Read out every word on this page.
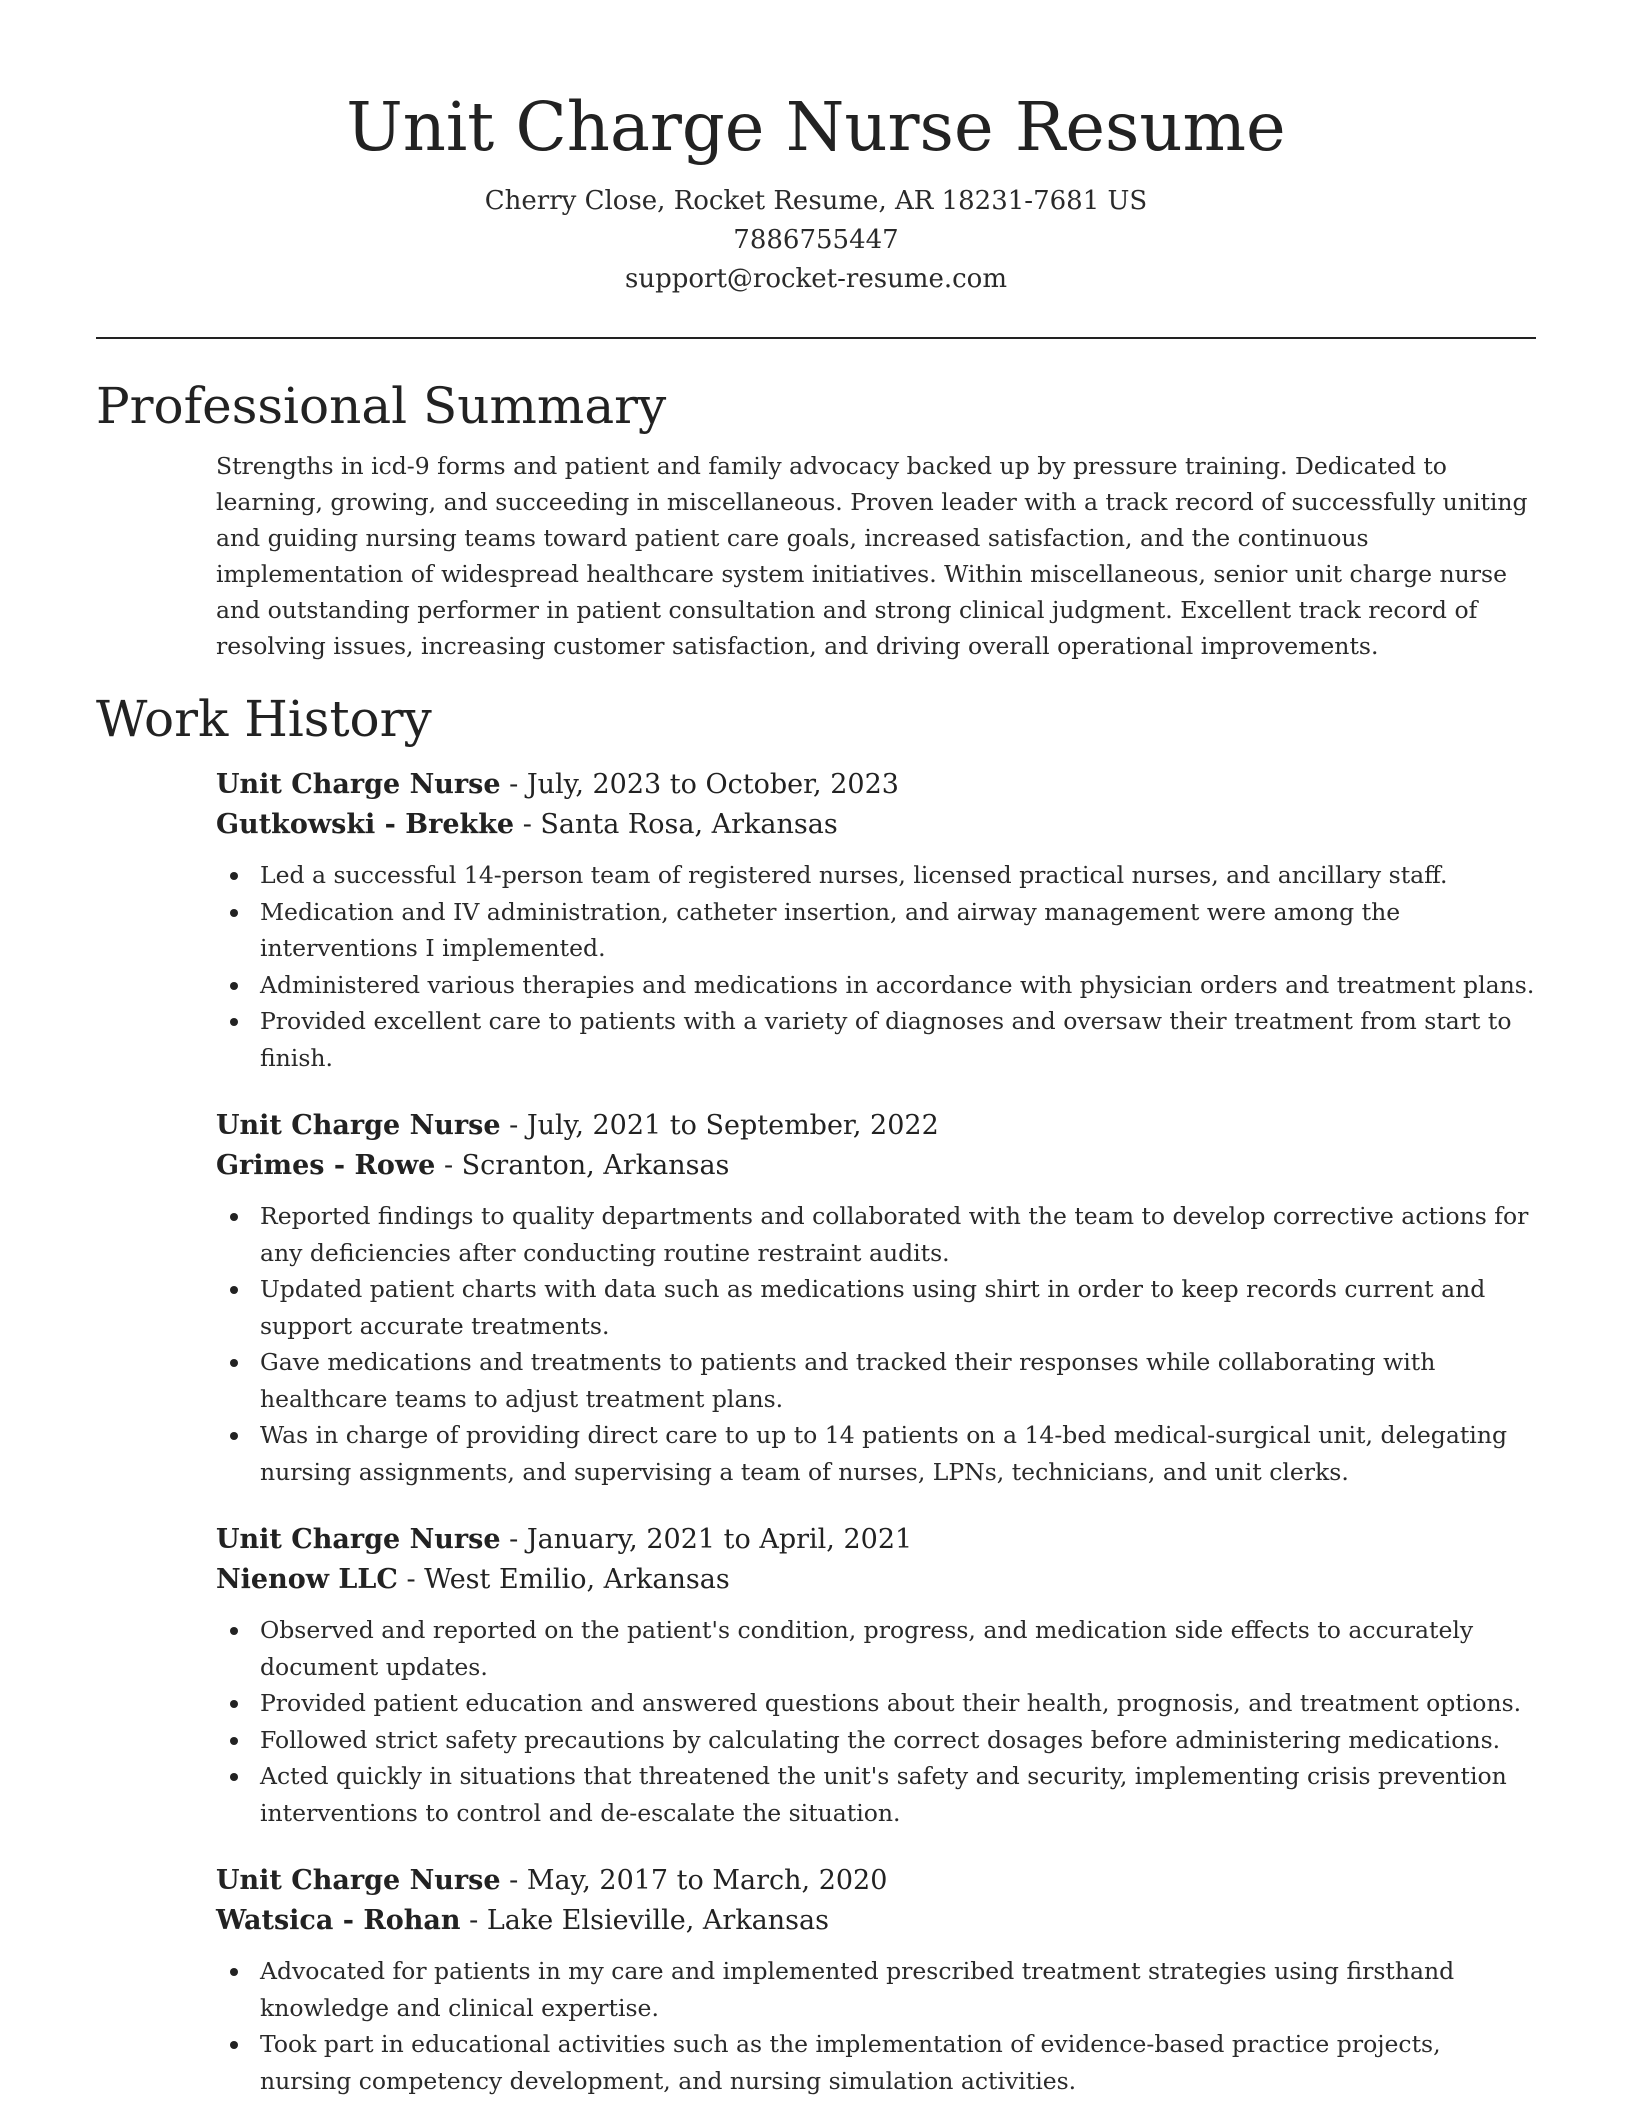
Unit Charge Nurse Resume
Cherry Close, Rocket Resume, AR 18231-7681 US
7886755447
support@rocket-resume.com
Professional Summary

Strengths in icd-9 forms and patient and family advocacy backed up by pressure training. Dedicated to learning, growing, and succeeding in miscellaneous. Proven leader with a track record of successfully uniting and guiding nursing teams toward patient care goals, increased satisfaction, and the continuous implementation of widespread healthcare system initiatives. Within miscellaneous, senior unit charge nurse and outstanding performer in patient consultation and strong clinical judgment. Excellent track record of resolving issues, increasing customer satisfaction, and driving overall operational improvements.

Work History
Unit Charge Nurse - July, 2023 to October, 2023
Gutkowski - Brekke - Santa Rosa, Arkansas
Led a successful 14-person team of registered nurses, licensed practical nurses, and ancillary staff.
Medication and IV administration, catheter insertion, and airway management were among the interventions I implemented.
Administered various therapies and medications in accordance with physician orders and treatment plans.
Provided excellent care to patients with a variety of diagnoses and oversaw their treatment from start to finish.
Unit Charge Nurse - July, 2021 to September, 2022
Grimes - Rowe - Scranton, Arkansas
Reported findings to quality departments and collaborated with the team to develop corrective actions for any deficiencies after conducting routine restraint audits.
Updated patient charts with data such as medications using shirt in order to keep records current and support accurate treatments.
Gave medications and treatments to patients and tracked their responses while collaborating with healthcare teams to adjust treatment plans.
Was in charge of providing direct care to up to 14 patients on a 14-bed medical-surgical unit, delegating nursing assignments, and supervising a team of nurses, LPNs, technicians, and unit clerks.
Unit Charge Nurse - January, 2021 to April, 2021
Nienow LLC - West Emilio, Arkansas
Observed and reported on the patient's condition, progress, and medication side effects to accurately document updates.
Provided patient education and answered questions about their health, prognosis, and treatment options.
Followed strict safety precautions by calculating the correct dosages before administering medications.
Acted quickly in situations that threatened the unit's safety and security, implementing crisis prevention interventions to control and de-escalate the situation.
Unit Charge Nurse - May, 2017 to March, 2020
Watsica - Rohan - Lake Elsieville, Arkansas
Advocated for patients in my care and implemented prescribed treatment strategies using firsthand knowledge and clinical expertise.
Took part in educational activities such as the implementation of evidence-based practice projects, nursing competency development, and nursing simulation activities.
